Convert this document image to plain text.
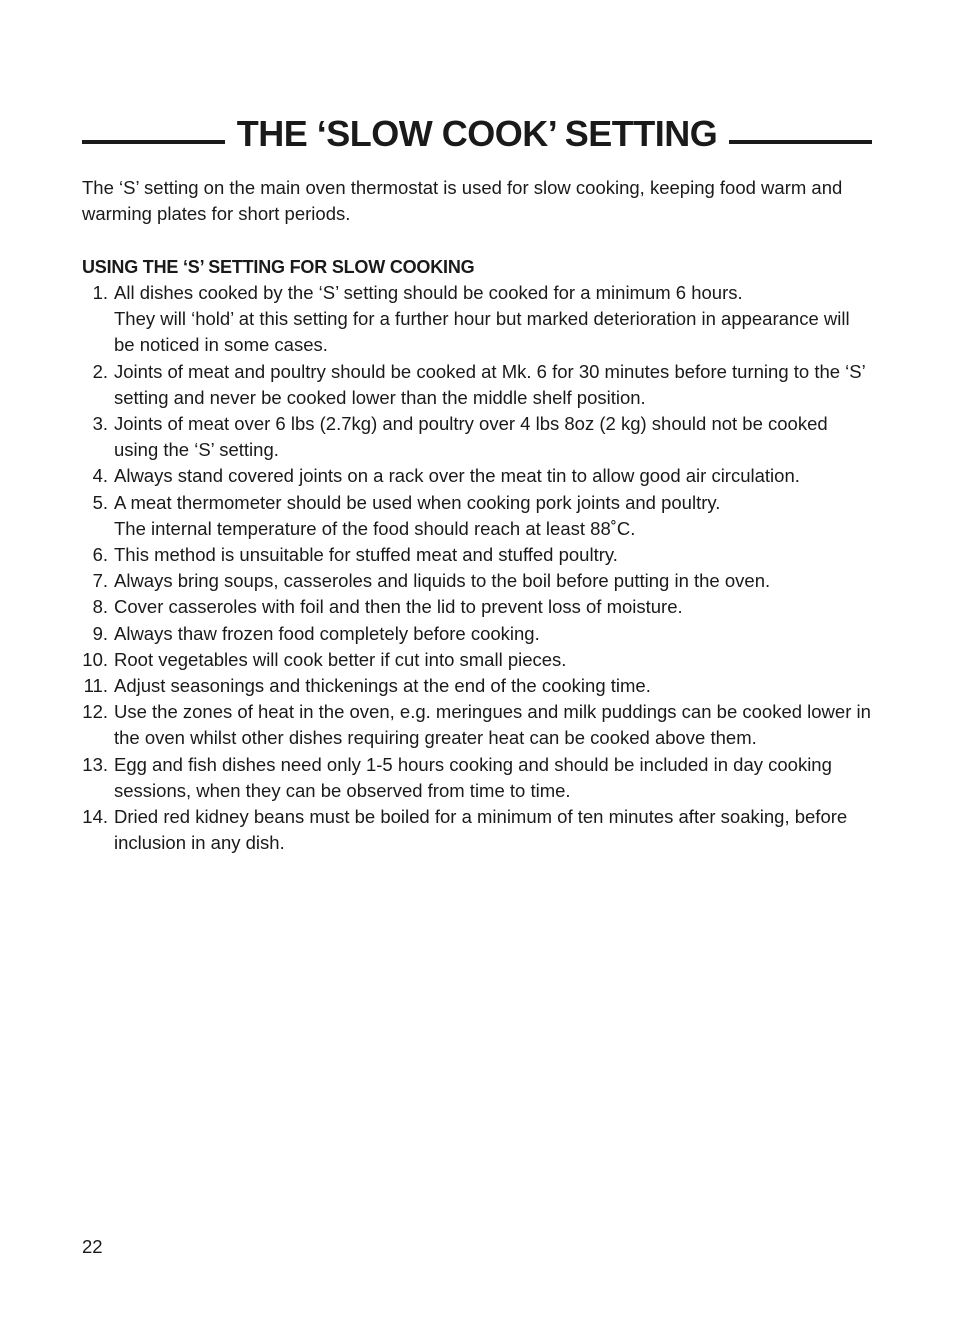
THE ‘SLOW COOK’ SETTING

The ‘S’ setting on the main oven thermostat is used for slow cooking, keeping food warm and warming plates for short periods.

USING THE ‘S’ SETTING FOR SLOW COOKING
1. All dishes cooked by the ‘S’ setting should be cooked for a minimum 6 hours.
They will ‘hold’ at this setting for a further hour but marked deterioration in appearance will be noticed in some cases.

2. Joints of meat and poultry should be cooked at Mk. 6 for 30 minutes before turning to the ‘S’ setting and never be cooked lower than the middle shelf position.

3. Joints of meat over 6 lbs (2.7kg) and poultry over 4 lbs 8oz (2 kg) should not be cooked using the ‘S’ setting.

4. Always stand covered joints on a rack over the meat tin to allow good air circulation.

5. A meat thermometer should be used when cooking pork joints and poultry.
The internal temperature of the food should reach at least 88˚C.

6. This method is unsuitable for stuffed meat and stuffed poultry.

7. Always bring soups, casseroles and liquids to the boil before putting in the oven.

8. Cover casseroles with foil and then the lid to prevent loss of moisture.

9. Always thaw frozen food completely before cooking.

10. Root vegetables will cook better if cut into small pieces.

11. Adjust seasonings and thickenings at the end of the cooking time.

12. Use the zones of heat in the oven, e.g. meringues and milk puddings can be cooked lower in the oven whilst other dishes requiring greater heat can be cooked above them.

13. Egg and fish dishes need only 1-5 hours cooking and should be included in day cooking sessions, when they can be observed from time to time.

14. Dried red kidney beans must be boiled for a minimum of ten minutes after soaking, before inclusion in any dish.

22
